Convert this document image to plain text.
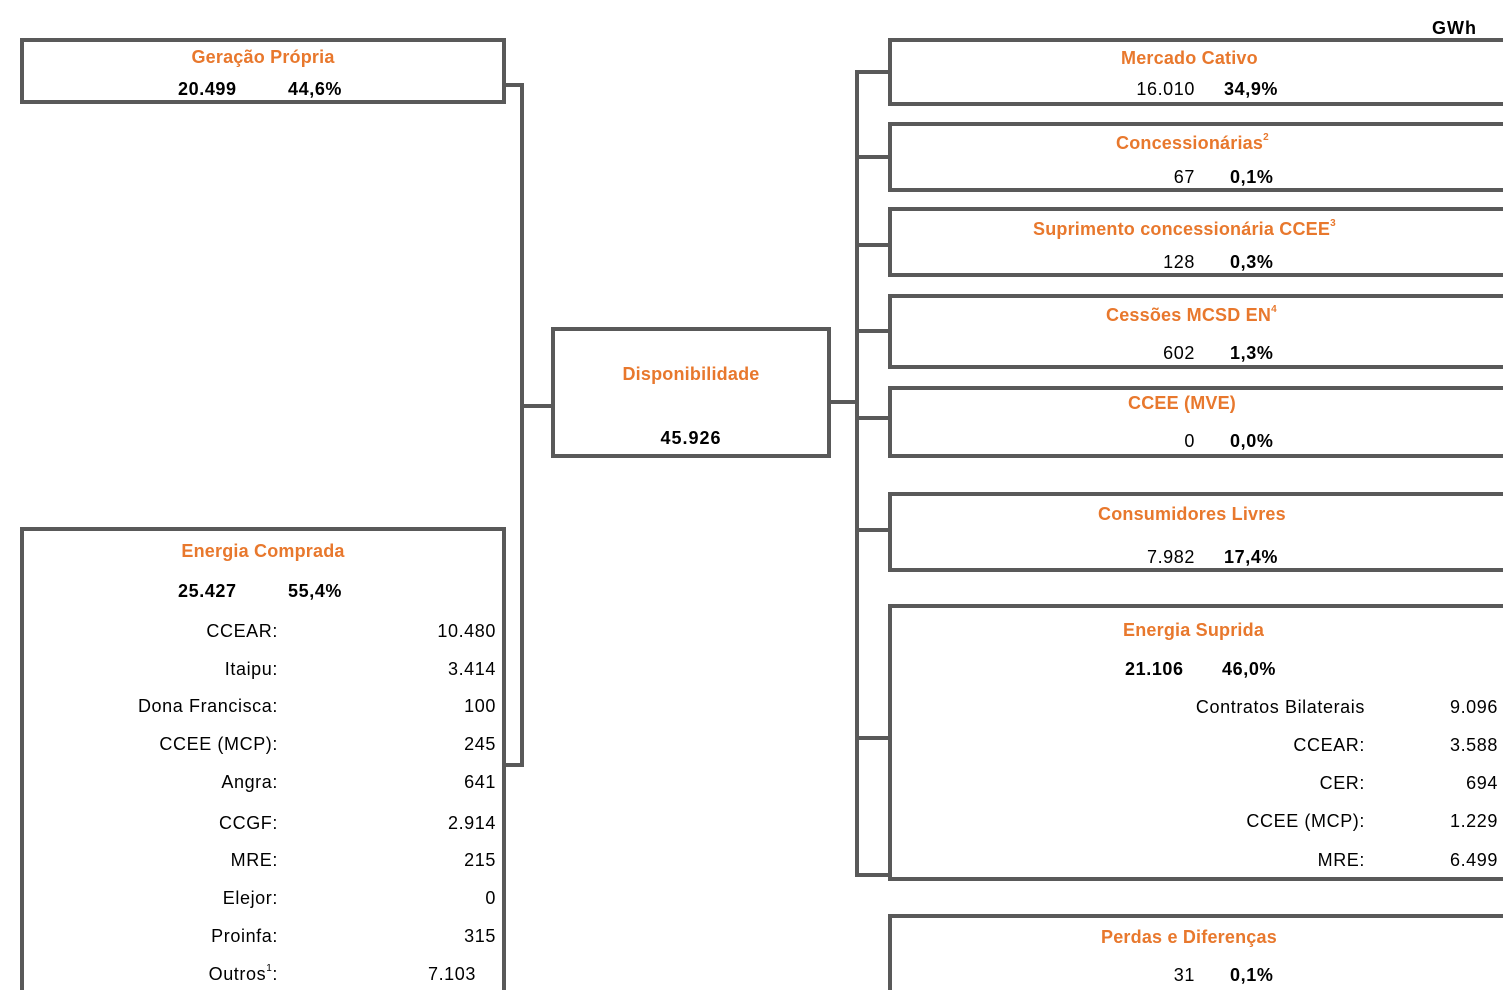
GWh
Geração Própria
20.499	44,6%
Energia Comprada
25.427	55,4%
CCEAR:	10.480
Itaipu:	3.414
Dona Francisca:	100
CCEE (MCP):	245
Angra:	641
CCGF:	2.914
MRE:	215
Elejor:	0
Proinfa:	315
Outros$^1$:	7.103
Disponibilidade
45.926
Mercado Cativo
16.010 34,9%
Concessionárias$^2$
67 0,1%
Suprimento concessionária CCEE$^3$
128 0,3%
Cessões MCSD $EN^4$
602 1,3%
CCEE (MVE)
0 0,0%
Consumidores Livres
7.982 17,4%
Energia Suprida
21.106 46,0%
Contratos Bilaterais	9.096
CCEAR:	3.588
CER:	694
CCEE (MCP):	1.229
MRE:	6.499
Perdas e Diferenças
31 0,1%
